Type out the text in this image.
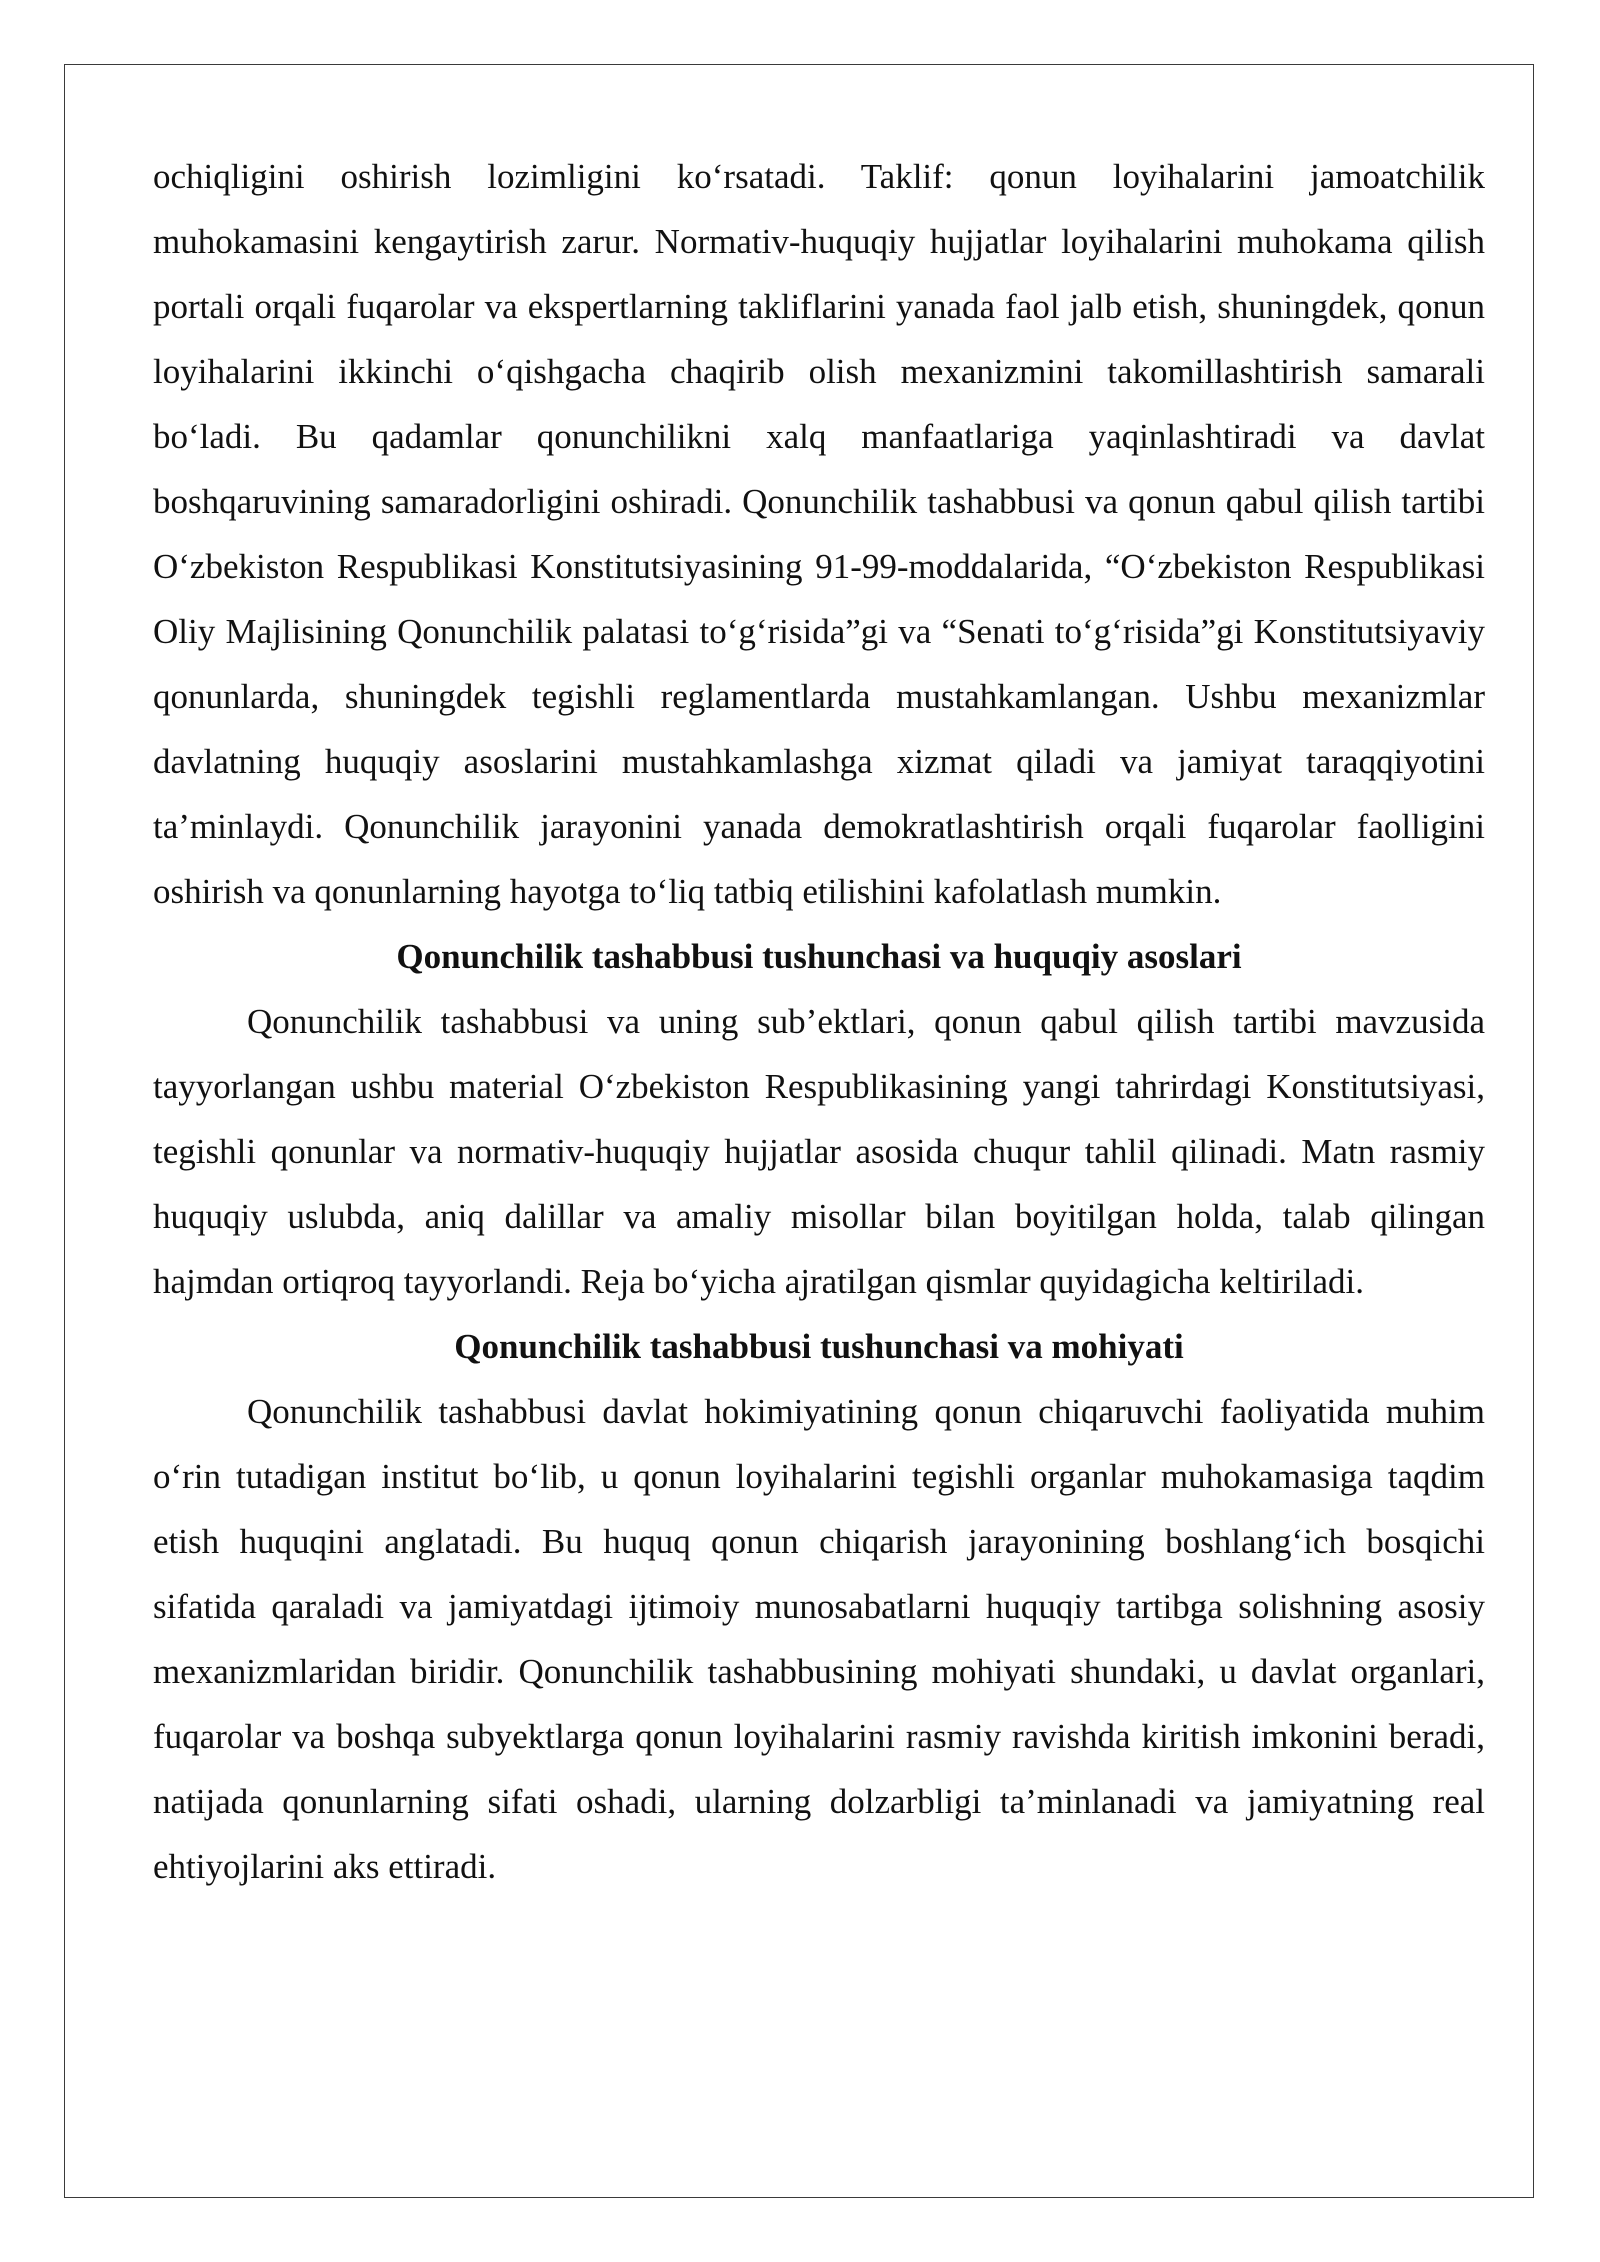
ochiqligini oshirish lozimligini ko‘rsatadi. Taklif: qonun loyihalarini jamoatchilik muhokamasini kengaytirish zarur. Normativ-huquqiy hujjatlar loyihalarini muhokama qilish portali orqali fuqarolar va ekspertlarning takliflarini yanada faol jalb etish, shuningdek, qonun loyihalarini ikkinchi o‘qishgacha chaqirib olish mexanizmini takomillashtirish samarali bo‘ladi. Bu qadamlar qonunchilikni xalq manfaatlariga yaqinlashtiradi va davlat boshqaruvining samaradorligini oshiradi. Qonunchilik tashabbusi va qonun qabul qilish tartibi O‘zbekiston Respublikasi Konstitutsiyasining 91-99-moddalarida, “O‘zbekiston Respublikasi Oliy Majlisining Qonunchilik palatasi to‘g‘risida”gi va “Senati to‘g‘risida”gi Konstitutsiyaviy qonunlarda, shuningdek tegishli reglamentlarda mustahkamlangan. Ushbu mexanizmlar davlatning huquqiy asoslarini mustahkamlashga xizmat qiladi va jamiyat taraqqiyotini ta’minlaydi. Qonunchilik jarayonini yanada demokratlashtirish orqali fuqarolar faolligini oshirish va qonunlarning hayotga to‘liq tatbiq etilishini kafolatlash mumkin.

Qonunchilik tashabbusi tushunchasi va huquqiy asoslari

Qonunchilik tashabbusi va uning sub’ektlari, qonun qabul qilish tartibi mavzusida tayyorlangan ushbu material O‘zbekiston Respublikasining yangi tahrirdagi Konstitutsiyasi, tegishli qonunlar va normativ-huquqiy hujjatlar asosida chuqur tahlil qilinadi. Matn rasmiy huquqiy uslubda, aniq dalillar va amaliy misollar bilan boyitilgan holda, talab qilingan hajmdan ortiqroq tayyorlandi. Reja bo‘yicha ajratilgan qismlar quyidagicha keltiriladi.

Qonunchilik tashabbusi tushunchasi va mohiyati

Qonunchilik tashabbusi davlat hokimiyatining qonun chiqaruvchi faoliyatida muhim o‘rin tutadigan institut bo‘lib, u qonun loyihalarini tegishli organlar muhokamasiga taqdim etish huquqini anglatadi. Bu huquq qonun chiqarish jarayonining boshlang‘ich bosqichi sifatida qaraladi va jamiyatdagi ijtimoiy munosabatlarni huquqiy tartibga solishning asosiy mexanizmlaridan biridir. Qonunchilik tashabbusining mohiyati shundaki, u davlat organlari, fuqarolar va boshqa subyektlarga qonun loyihalarini rasmiy ravishda kiritish imkonini beradi, natijada qonunlarning sifati oshadi, ularning dolzarbligi ta’minlanadi va jamiyatning real ehtiyojlarini aks ettiradi.
